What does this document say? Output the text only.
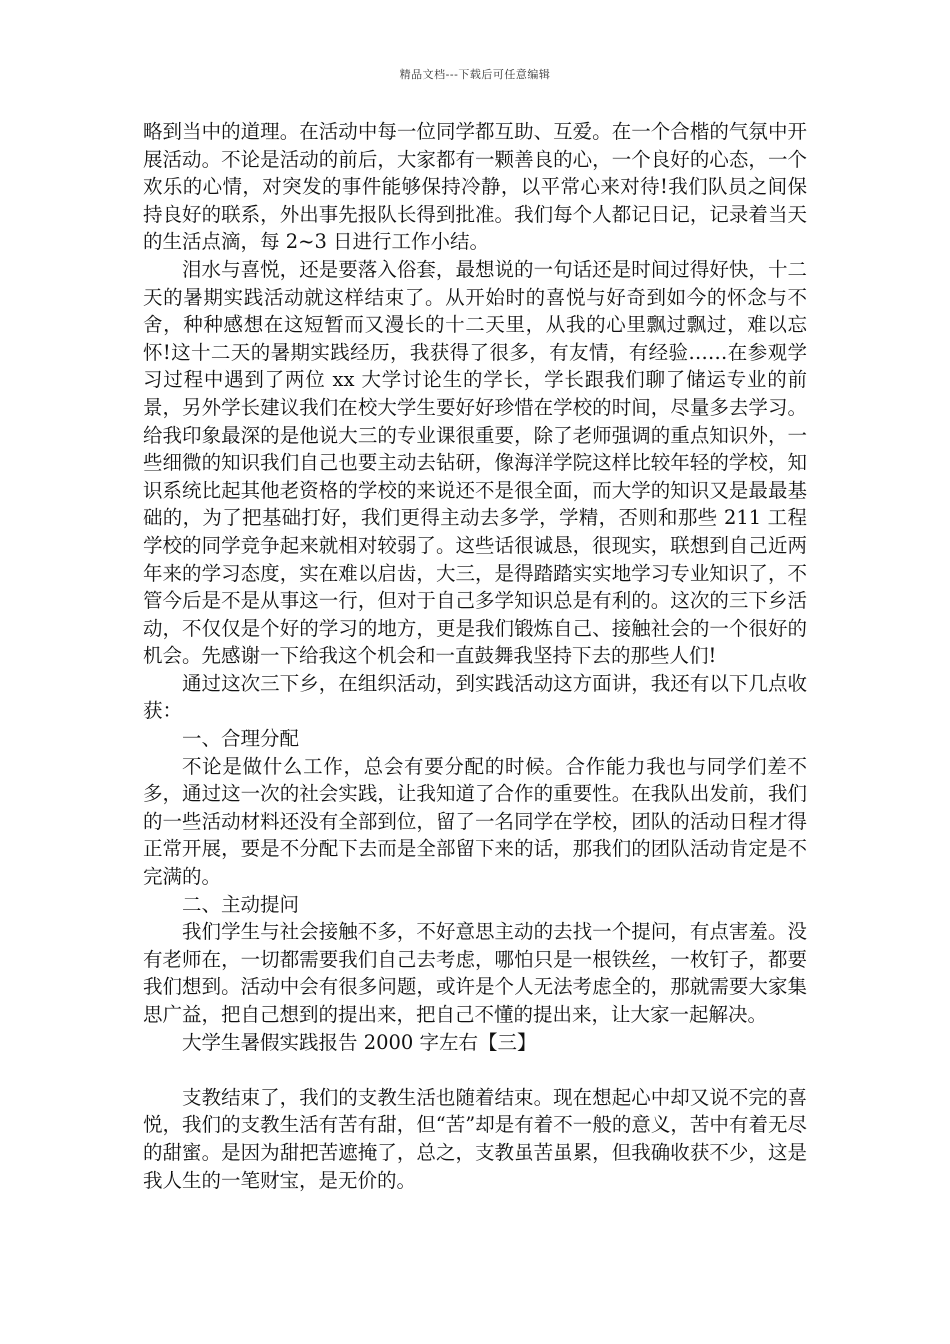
精品文档---下载后可任意编辑

略到当中的道理。在活动中每一位同学都互助、互爱。在一个合楷的气氛中开展活动。不论是活动的前后，大家都有一颗善良的心，一个良好的心态，一个欢乐的心情，对突发的事件能够保持冷静，以平常心来对待!我们队员之间保持良好的联系，外出事先报队长得到批准。我们每个人都记日记，记录着当天的生活点滴，每 2~3 日进行工作小结。

泪水与喜悦，还是要落入俗套，最想说的一句话还是时间过得好快，十二天的暑期实践活动就这样结束了。从开始时的喜悦与好奇到如今的怀念与不舍，种种感想在这短暂而又漫长的十二天里，从我的心里飘过飘过，难以忘怀!这十二天的暑期实践经历，我获得了很多，有友情，有经验……在参观学习过程中遇到了两位 xx 大学讨论生的学长，学长跟我们聊了储运专业的前景，另外学长建议我们在校大学生要好好珍惜在学校的时间，尽量多去学习。给我印象最深的是他说大三的专业课很重要，除了老师强调的重点知识外，一些细微的知识我们自己也要主动去钻研，像海洋学院这样比较年轻的学校，知识系统比起其他老资格的学校的来说还不是很全面，而大学的知识又是最最基础的，为了把基础打好，我们更得主动去多学，学精，否则和那些 211 工程学校的同学竞争起来就相对较弱了。这些话很诚恳，很现实，联想到自己近两年来的学习态度，实在难以启齿，大三，是得踏踏实实地学习专业知识了，不管今后是不是从事这一行，但对于自己多学知识总是有利的。这次的三下乡活动，不仅仅是个好的学习的地方，更是我们锻炼自己、接触社会的一个很好的机会。先感谢一下给我这个机会和一直鼓舞我坚持下去的那些人们!

通过这次三下乡，在组织活动，到实践活动这方面讲，我还有以下几点收获：

一、合理分配

不论是做什么工作，总会有要分配的时候。合作能力我也与同学们差不多，通过这一次的社会实践，让我知道了合作的重要性。在我队出发前，我们的一些活动材料还没有全部到位，留了一名同学在学校，团队的活动日程才得正常开展，要是不分配下去而是全部留下来的话，那我们的团队活动肯定是不完满的。

二、主动提问

我们学生与社会接触不多，不好意思主动的去找一个提问，有点害羞。没有老师在，一切都需要我们自己去考虑，哪怕只是一根铁丝，一枚钉子，都要我们想到。活动中会有很多问题，或许是个人无法考虑全的，那就需要大家集思广益，把自己想到的提出来，把自己不懂的提出来，让大家一起解决。

大学生暑假实践报告 2000 字左右【三】

支教结束了，我们的支教生活也随着结束。现在想起心中却又说不完的喜悦，我们的支教生活有苦有甜，但“苦”却是有着不一般的意义，苦中有着无尽的甜蜜。是因为甜把苦遮掩了，总之，支教虽苦虽累，但我确收获不少，这是我人生的一笔财宝，是无价的。
